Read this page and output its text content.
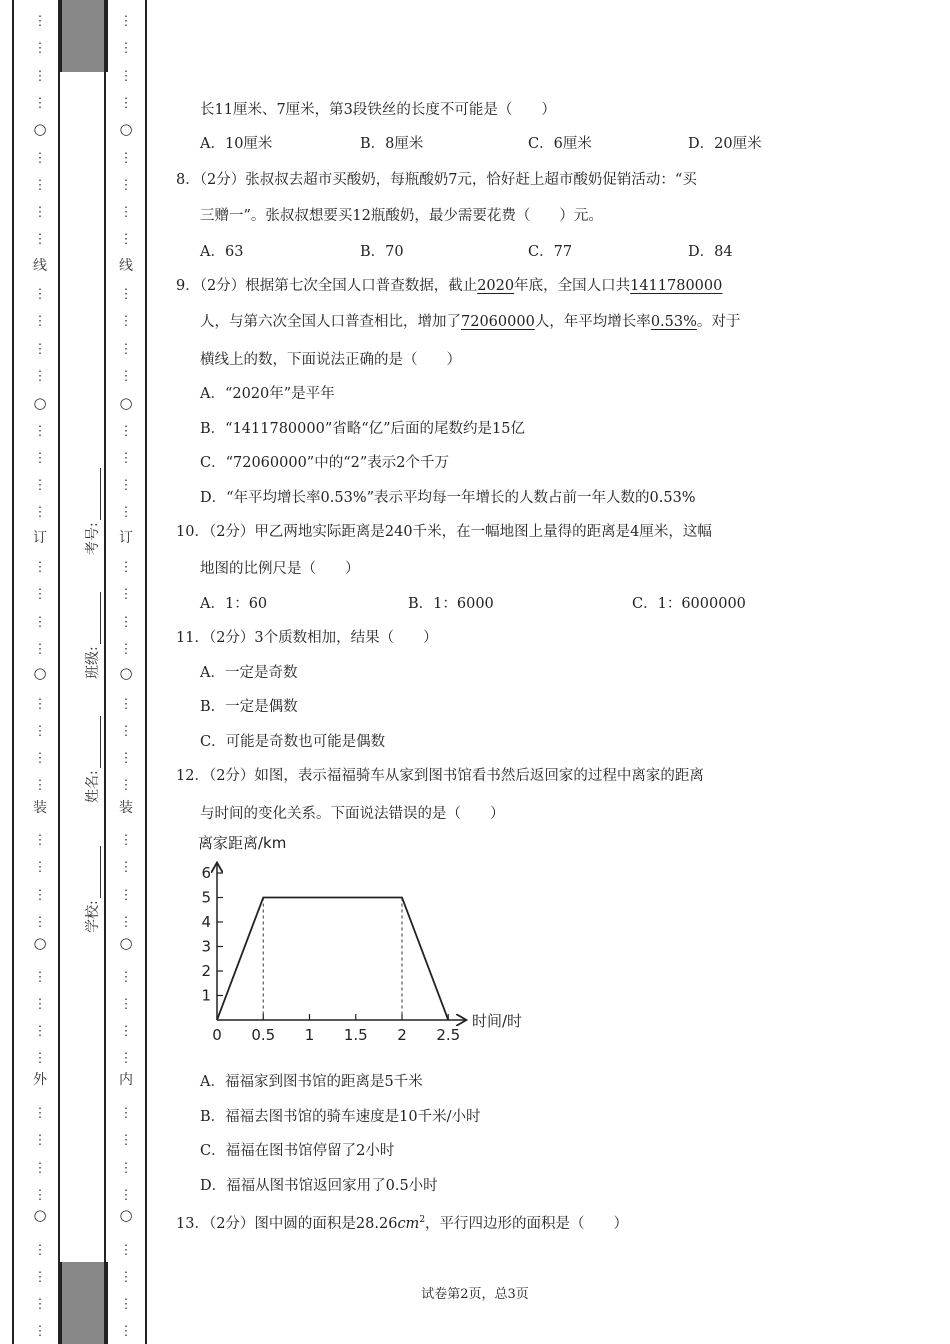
线
订
装
外
○
○
○
○
○
⋮
⋮
⋮
⋮
⋮
⋮
⋮
⋮
⋮
⋮
⋮
⋮
⋮
⋮
⋮
⋮
⋮
⋮
⋮
⋮
⋮
⋮
⋮
⋮
⋮
⋮
⋮
⋮
⋮
⋮
⋮
⋮
⋮
⋮
⋮
⋮
⋮
⋮
⋮
⋮
线
订
装
内
○
○
○
○
○
⋮
⋮
⋮
⋮
⋮
⋮
⋮
⋮
⋮
⋮
⋮
⋮
⋮
⋮
⋮
⋮
⋮
⋮
⋮
⋮
⋮
⋮
⋮
⋮
⋮
⋮
⋮
⋮
⋮
⋮
⋮
⋮
⋮
⋮
⋮
⋮
⋮
⋮
⋮
⋮
学校:
姓名:
班级:
考号:
长11厘米、7厘米，第3段铁丝的长度不可能是（　　）
A．10厘米	B．8厘米	C．6厘米	D．20厘米
8．（2分）张叔叔去超市买酸奶，每瓶酸奶7元，恰好赶上超市酸奶促销活动：“买
三赠一”。张叔叔想要买12瓶酸奶，最少需要花费（　　）元。
A．63	B．70	C．77	D．84
9．（2分）根据第七次全国人口普查数据，截止2020年底，全国人口共1411780000
人，与第六次全国人口普查相比，增加了72060000人，年平均增长率0.53%。对于
横线上的数，下面说法正确的是（　　）
A．“2020年”是平年
B．“1411780000”省略“亿”后面的尾数约是15亿
C．“72060000”中的“2”表示2个千万
D．“年平均增长率0.53%”表示平均每一年增长的人数占前一年人数的0.53%
10．（2分）甲乙两地实际距离是240千米，在一幅地图上量得的距离是4厘米，这幅
地图的比例尺是（　　）
A．1：60	B．1：6000	C．1：6000000
11．（2分）3个质数相加，结果（　　）
A．一定是奇数
B．一定是偶数
C．可能是奇数也可能是偶数
12．（2分）如图，表示福福骑车从家到图书馆看书然后返回家的过程中离家的距离
与时间的变化关系。下面说法错误的是（　　）
离家距离/km
时间/时
1
2
3
4
5
6
0 0.5 1 1.5 2 2.5
A．福福家到图书馆的距离是5千米
B．福福去图书馆的骑车速度是10千米/小时
C．福福在图书馆停留了2小时
D．福福从图书馆返回家用了0.5小时
13．（2分）图中圆的面积是$28.26cm^2$，平行四边形的面积是（　　）
试卷第2页，总3页
